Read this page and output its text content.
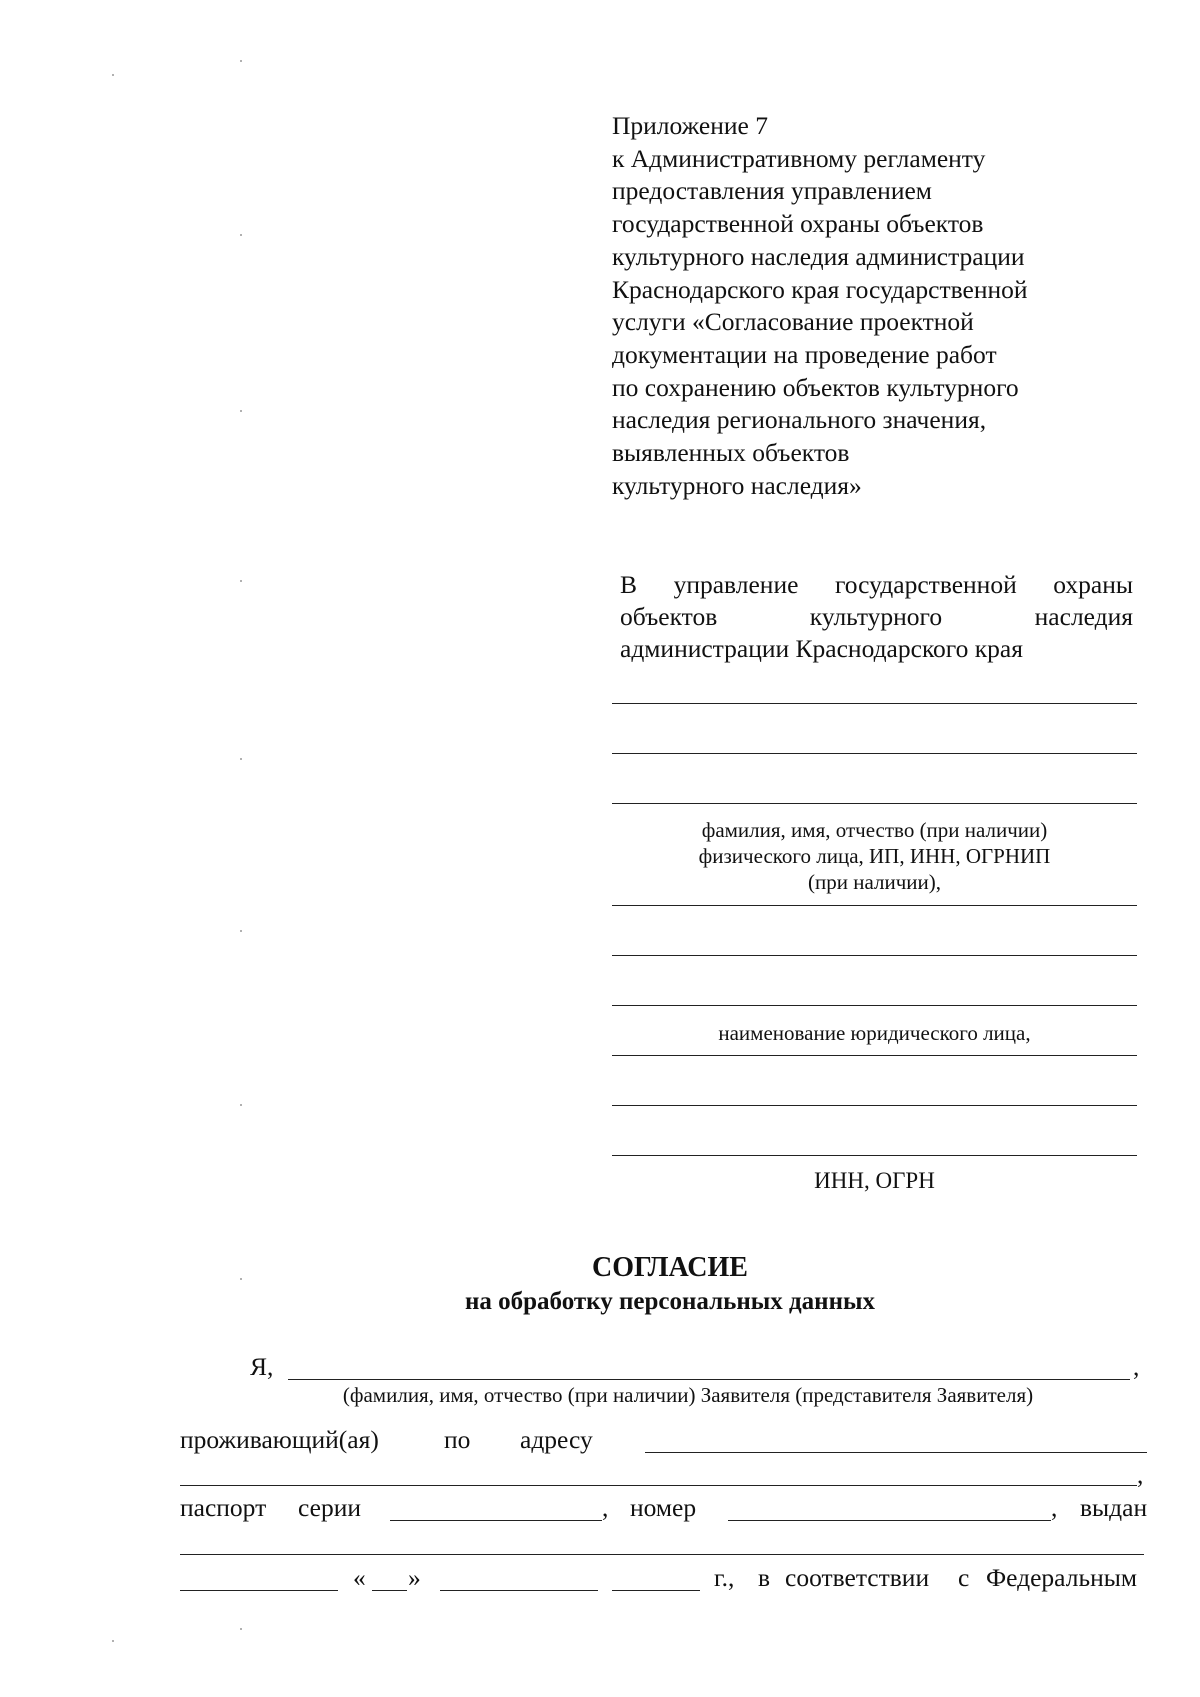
Приложение 7
к Административному регламенту
предоставления управлением
государственной охраны объектов
культурного наследия администрации
Краснодарского края государственной
услуги «Согласование проектной
документации на проведение работ
по сохранению объектов культурного
наследия регионального значения,
выявленных объектов
культурного наследия»
В управление государственной охраны
объектов культурного наследия
администрации Краснодарского края
фамилия, имя, отчество (при наличии)
физического лица, ИП, ИНН, ОГРНИП
(при наличии),
наименование юридического лица,
ИНН, ОГРН
СОГЛАСИЕ
на обработку персональных данных
Я,	,
(фамилия, имя, отчество (при наличии) Заявителя (представителя Заявителя)
проживающий(ая)	по адресу
,
паспорт серии	, номер	, выдан
« »	г., в соответствии с Федеральным
